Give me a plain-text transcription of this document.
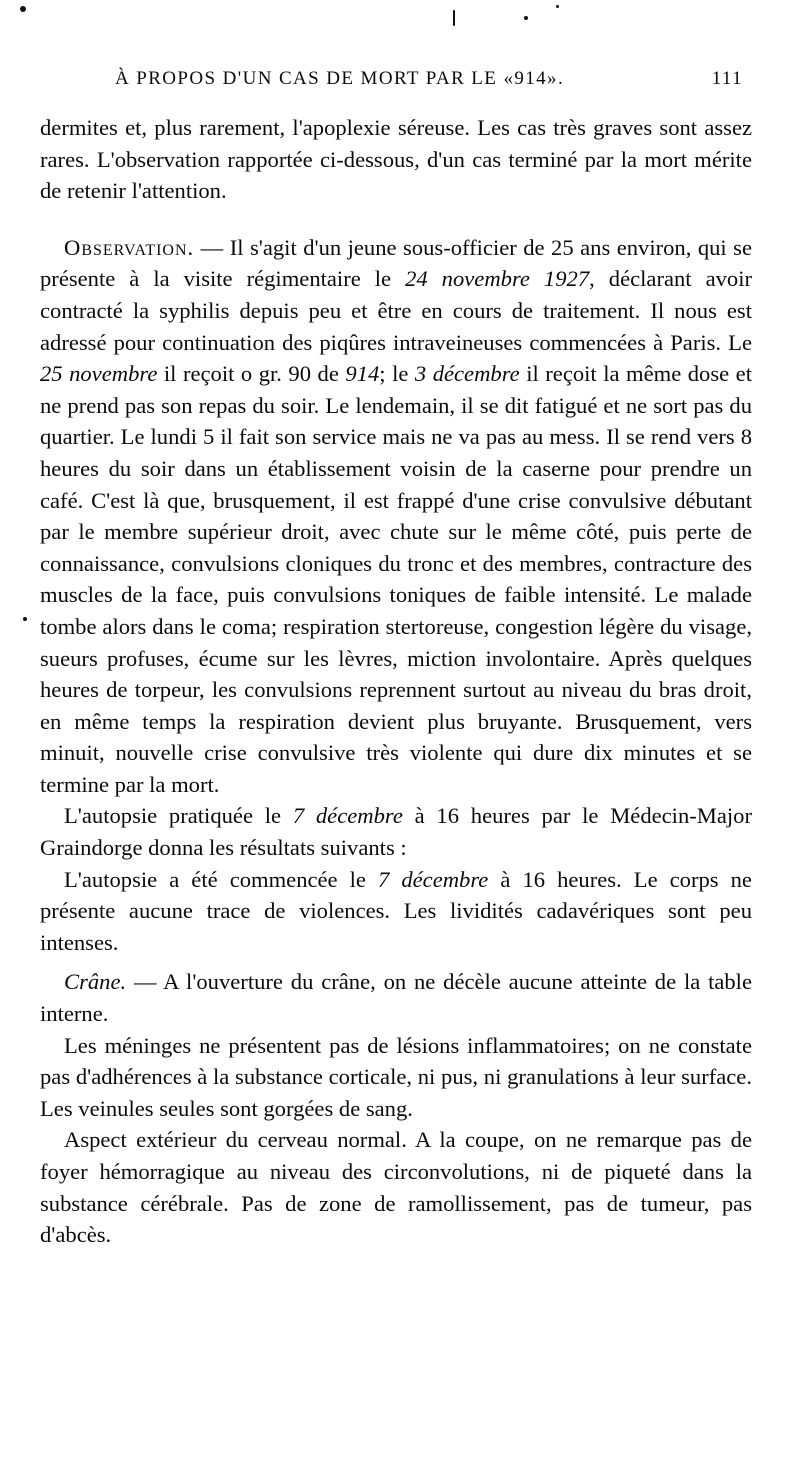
À PROPOS D'UN CAS DE MORT PAR LE «914».	111

dermites et, plus rarement, l'apoplexie séreuse. Les cas très graves sont assez rares. L'observation rapportée ci-dessous, d'un cas terminé par la mort mérite de retenir l'attention.

Observation. — Il s'agit d'un jeune sous-officier de 25 ans environ, qui se présente à la visite régimentaire le 24 novembre 1927, déclarant avoir contracté la syphilis depuis peu et être en cours de traitement. Il nous est adressé pour continuation des piqûres intraveineuses commencées à Paris. Le 25 novembre il reçoit o gr. 90 de 914; le 3 décembre il reçoit la même dose et ne prend pas son repas du soir. Le lendemain, il se dit fatigué et ne sort pas du quartier. Le lundi 5 il fait son service mais ne va pas au mess. Il se rend vers 8 heures du soir dans un établissement voisin de la caserne pour prendre un café. C'est là que, brusquement, il est frappé d'une crise convulsive débutant par le membre supérieur droit, avec chute sur le même côté, puis perte de connaissance, convulsions cloniques du tronc et des membres, contracture des muscles de la face, puis convulsions toniques de faible intensité. Le malade tombe alors dans le coma; respiration stertoreuse, congestion légère du visage, sueurs profuses, écume sur les lèvres, miction involontaire. Après quelques heures de torpeur, les convulsions reprennent surtout au niveau du bras droit, en même temps la respiration devient plus bruyante. Brusquement, vers minuit, nouvelle crise convulsive très violente qui dure dix minutes et se termine par la mort.

L'autopsie pratiquée le 7 décembre à 16 heures par le Médecin-Major Graindorge donna les résultats suivants :

L'autopsie a été commencée le 7 décembre à 16 heures. Le corps ne présente aucune trace de violences. Les lividités cadavériques sont peu intenses.

Crâne. — A l'ouverture du crâne, on ne décèle aucune atteinte de la table interne.

Les méninges ne présentent pas de lésions inflammatoires; on ne constate pas d'adhérences à la substance corticale, ni pus, ni granulations à leur surface. Les veinules seules sont gorgées de sang.

Aspect extérieur du cerveau normal. A la coupe, on ne remarque pas de foyer hémorragique au niveau des circonvolutions, ni de piqueté dans la substance cérébrale. Pas de zone de ramollissement, pas de tumeur, pas d'abcès.
